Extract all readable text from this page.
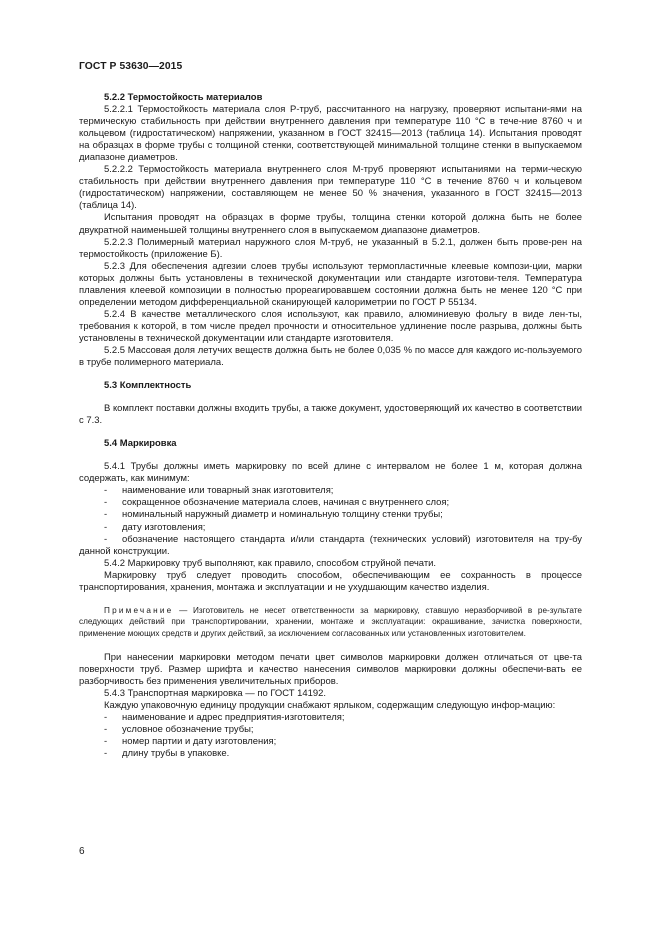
ГОСТ Р 53630—2015

5.2.2 Термостойкость материалов

5.2.2.1 Термостойкость материала слоя Р-труб, рассчитанного на нагрузку, проверяют испытани-ями на термическую стабильность при действии внутреннего давления при температуре 110 °С в тече-ние 8760 ч и кольцевом (гидростатическом) напряжении, указанном в ГОСТ 32415—2013 (таблица 14). Испытания проводят на образцах в форме трубы с толщиной стенки, соответствующей минимальной толщине стенки в выпускаемом диапазоне диаметров.

5.2.2.2 Термостойкость материала внутреннего слоя М-труб проверяют испытаниями на терми-ческую стабильность при действии внутреннего давления при температуре 110 °С в течение 8760 ч и кольцевом (гидростатическом) напряжении, составляющем не менее 50 % значения, указанного в ГОСТ 32415—2013 (таблица 14).

Испытания проводят на образцах в форме трубы, толщина стенки которой должна быть не более двукратной наименьшей толщины внутреннего слоя в выпускаемом диапазоне диаметров.

5.2.2.3 Полимерный материал наружного слоя М-труб, не указанный в 5.2.1, должен быть прове-рен на термостойкость (приложение Б).

5.2.3 Для обеспечения адгезии слоев трубы используют термопластичные клеевые компози-ции, марки которых должны быть установлены в технической документации или стандарте изготови-теля. Температура плавления клеевой композиции в полностью прореагировавшем состоянии должна быть не менее 120 °С при определении методом дифференциальной сканирующей калориметрии по ГОСТ Р 55134.

5.2.4 В качестве металлического слоя используют, как правило, алюминиевую фольгу в виде лен-ты, требования к которой, в том числе предел прочности и относительное удлинение после разрыва, должны быть установлены в технической документации или стандарте изготовителя.

5.2.5 Массовая доля летучих веществ должна быть не более 0,035 % по массе для каждого ис-пользуемого в трубе полимерного материала.

5.3 Комплектность

В комплект поставки должны входить трубы, а также документ, удостоверяющий их качество в соответствии с 7.3.

5.4 Маркировка

5.4.1 Трубы должны иметь маркировку по всей длине с интервалом не более 1 м, которая должна содержать, как минимум:

- наименование или товарный знак изготовителя;

- сокращенное обозначение материала слоев, начиная с внутреннего слоя;

- номинальный наружный диаметр и номинальную толщину стенки трубы;

- дату изготовления;

- обозначение настоящего стандарта и/или стандарта (технических условий) изготовителя на тру-бу данной конструкции.

5.4.2 Маркировку труб выполняют, как правило, способом струйной печати.

Маркировку труб следует проводить способом, обеспечивающим ее сохранность в процессе транспортирования, хранения, монтажа и эксплуатации и не ухудшающим качество изделия.

Примечание — Изготовитель не несет ответственности за маркировку, ставшую неразборчивой в ре-зультате следующих действий при транспортировании, хранении, монтаже и эксплуатации: окрашивание, зачистка поверхности, применение моющих средств и других действий, за исключением согласованных или установленных изготовителем.

При нанесении маркировки методом печати цвет символов маркировки должен отличаться от цве-та поверхности труб. Размер шрифта и качество нанесения символов маркировки должны обеспечи-вать ее разборчивость без применения увеличительных приборов.

5.4.3 Транспортная маркировка — по ГОСТ 14192.

Каждую упаковочную единицу продукции снабжают ярлыком, содержащим следующую инфор-мацию:

- наименование и адрес предприятия-изготовителя;

- условное обозначение трубы;

- номер партии и дату изготовления;

- длину трубы в упаковке.

6
